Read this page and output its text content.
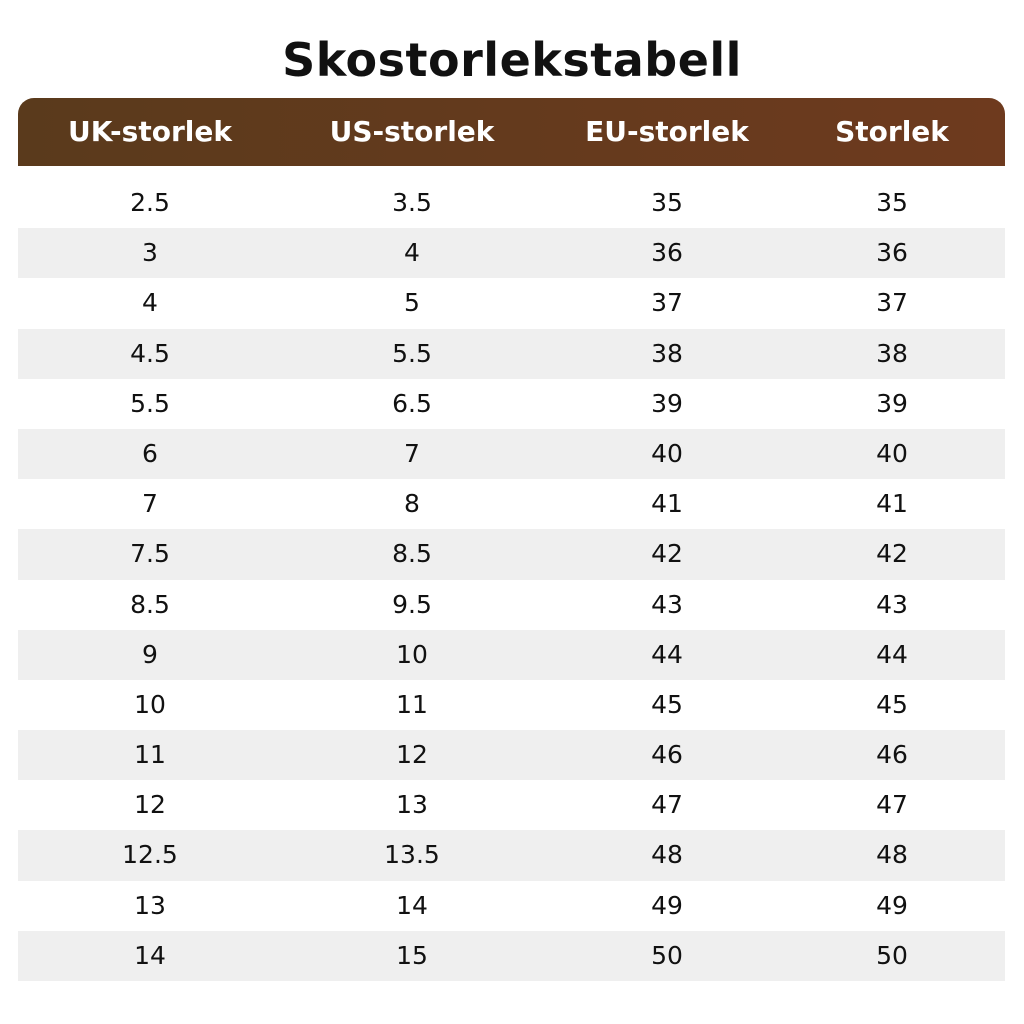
Skostorlekstabell
UK-storlek	US-storlek	EU-storlek	Storlek
2.5	3.5	35	35
3	4	36	36
4	5	37	37
4.5	5.5	38	38
5.5	6.5	39	39
6	7	40	40
7	8	41	41
7.5	8.5	42	42
8.5	9.5	43	43
9	10	44	44
10	11	45	45
11	12	46	46
12	13	47	47
12.5	13.5	48	48
13	14	49	49
14	15	50	50
